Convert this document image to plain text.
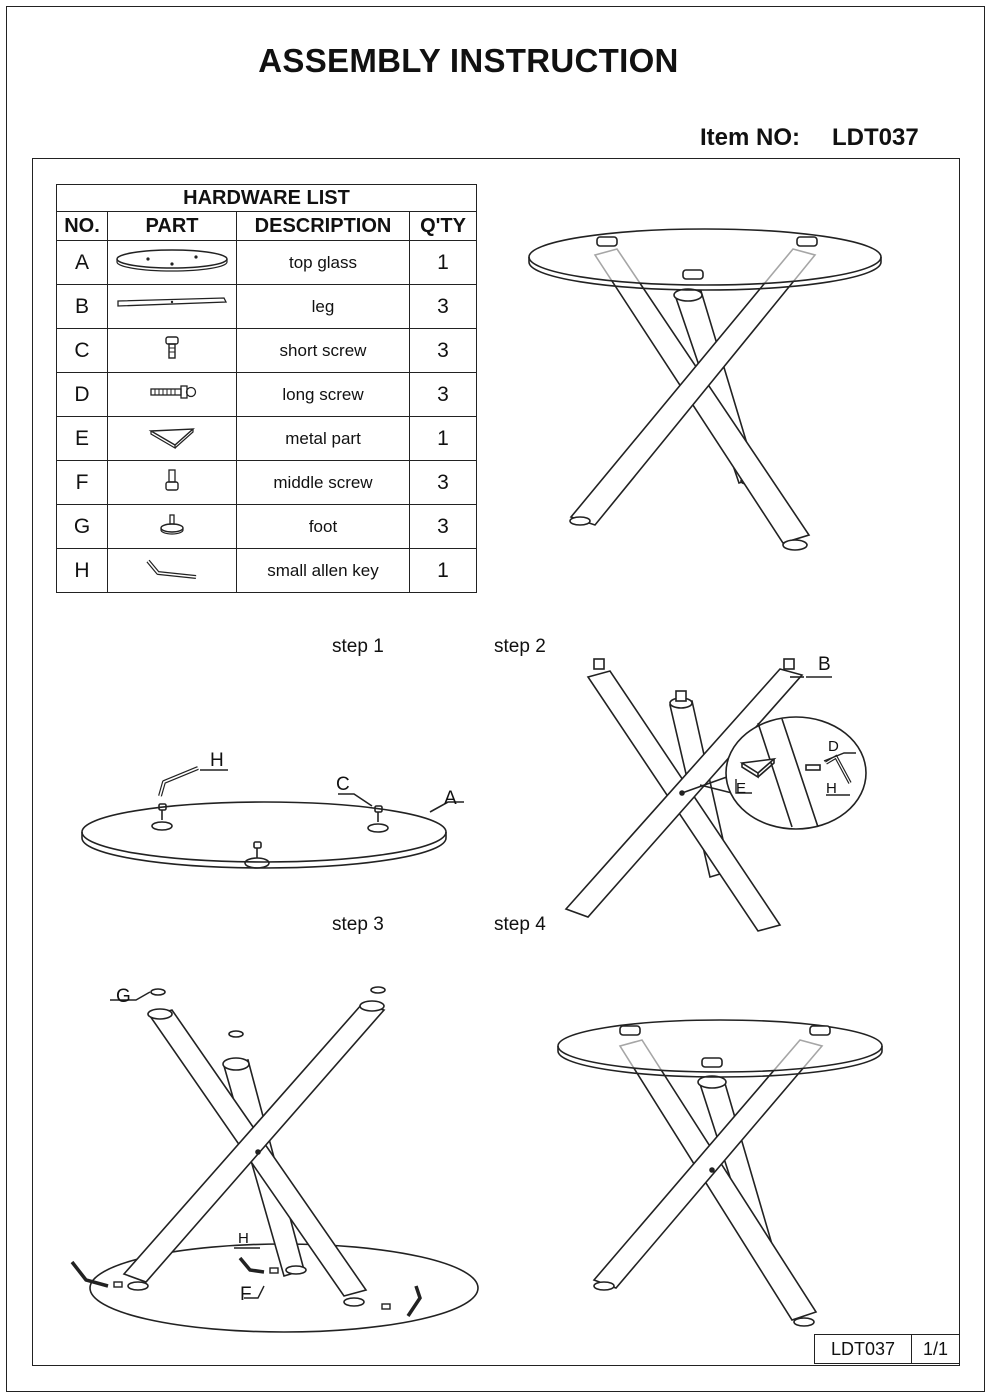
ASSEMBLY INSTRUCTION
Item NO: LDT037
HARDWARE LIST			
NO.	PART	DESCRIPTION	Q'TY
A		top glass	1
B		leg	3
C		short screw	3
D		long screw	3
E		metal part	1
F		middle screw	3
G		foot	3
H		small allen key	1
step 1	step 2
step 3	step 4
H
C
A
B
D
E	H
G
H
F
LDT037	1/1
